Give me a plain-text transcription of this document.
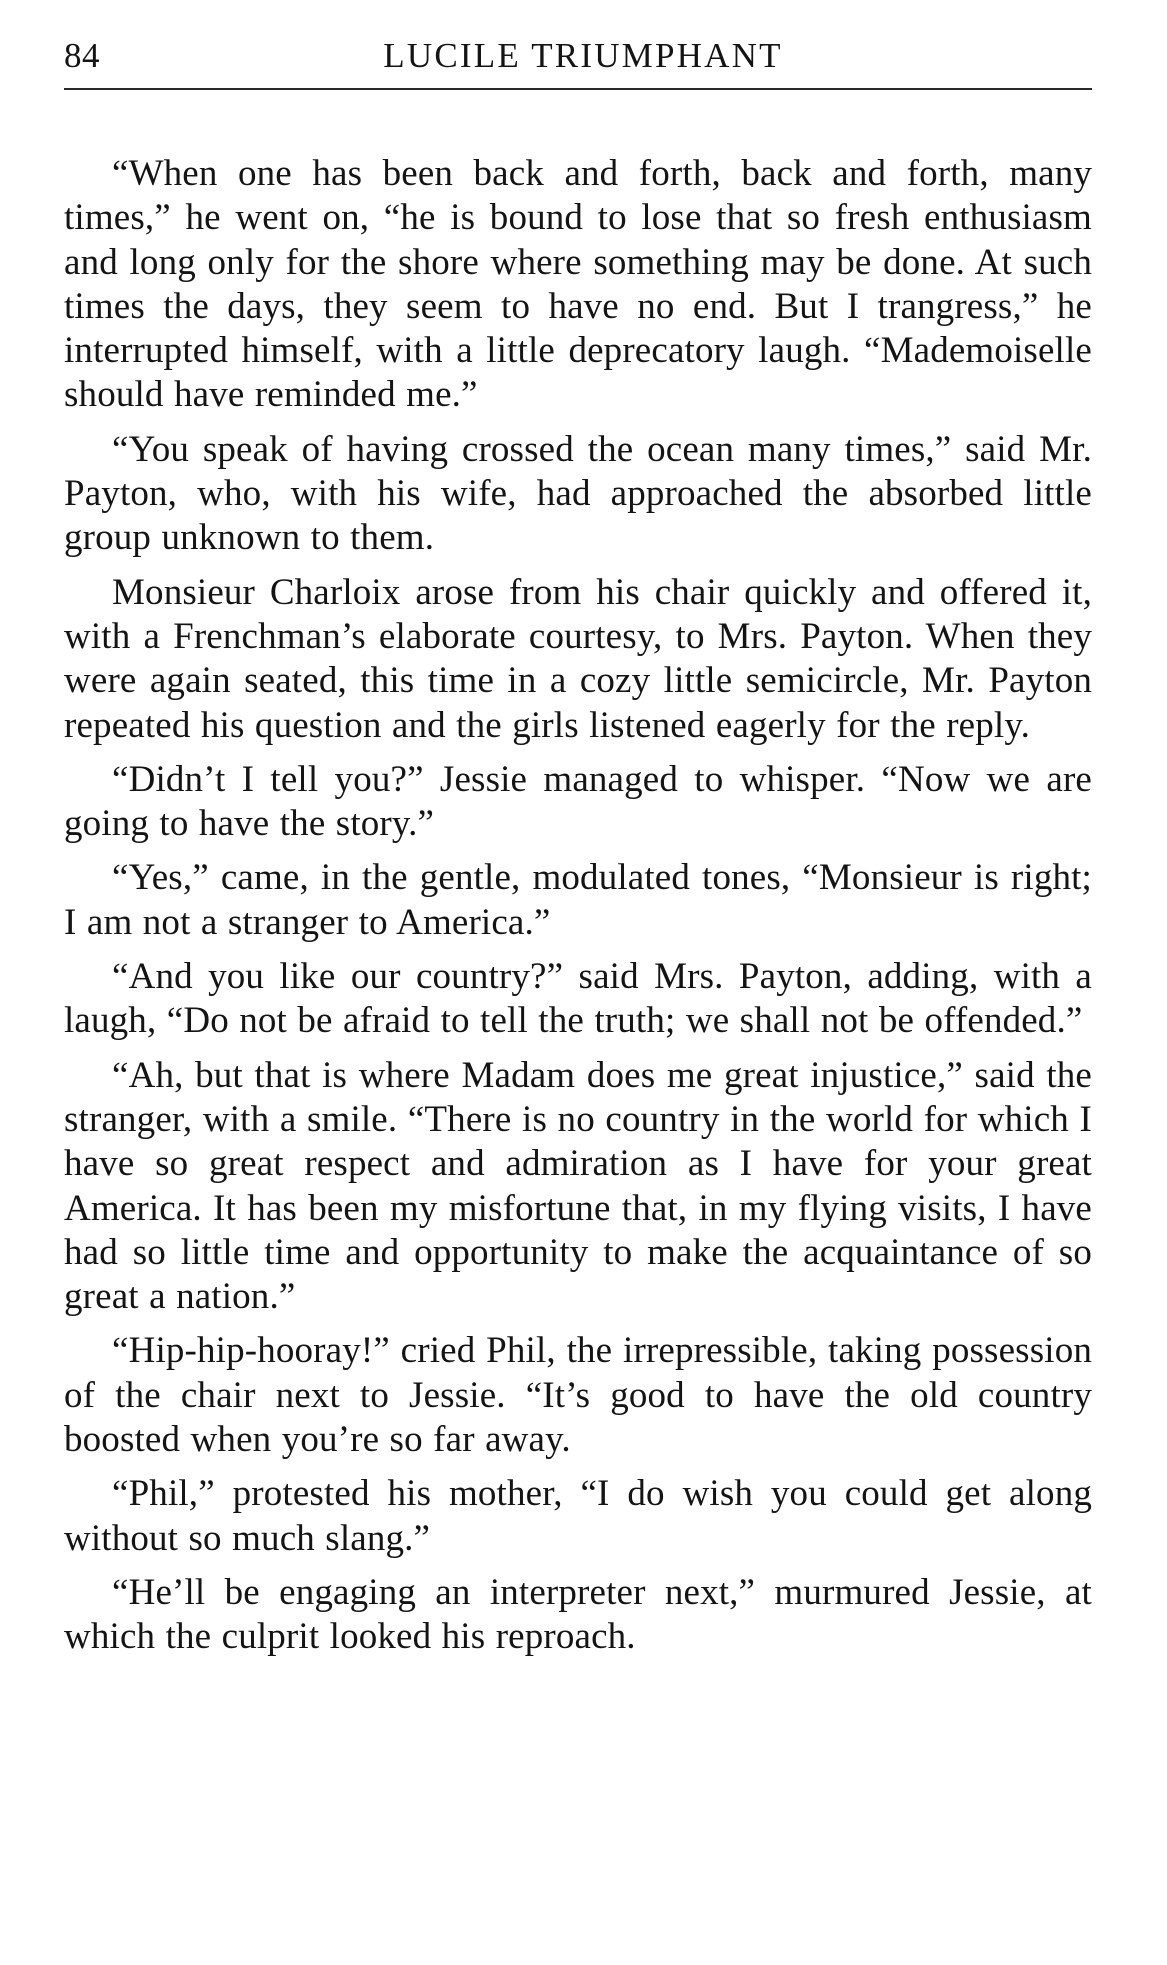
84	LUCILE TRIUMPHANT

“When one has been back and forth, back and forth, many times,” he went on, “he is bound to lose that so fresh enthusiasm and long only for the shore where something may be done. At such times the days, they seem to have no end. But I trangress,” he interrupted himself, with a little deprecatory laugh. “Mademoiselle should have reminded me.”

“You speak of having crossed the ocean many times,” said Mr. Payton, who, with his wife, had approached the absorbed little group unknown to them.

Monsieur Charloix arose from his chair quickly and offered it, with a Frenchman’s elaborate courtesy, to Mrs. Payton. When they were again seated, this time in a cozy little semicircle, Mr. Payton repeated his question and the girls listened eagerly for the reply.

“Didn’t I tell you?” Jessie managed to whisper. “Now we are going to have the story.”

“Yes,” came, in the gentle, modulated tones, “Monsieur is right; I am not a stranger to America.”

“And you like our country?” said Mrs. Payton, adding, with a laugh, “Do not be afraid to tell the truth; we shall not be offended.”

“Ah, but that is where Madam does me great injustice,” said the stranger, with a smile. “There is no country in the world for which I have so great respect and admiration as I have for your great America. It has been my misfortune that, in my flying visits, I have had so little time and opportunity to make the acquaintance of so great a nation.”

“Hip-hip-hooray!” cried Phil, the irrepressible, taking possession of the chair next to Jessie. “It’s good to have the old country boosted when you’re so far away.

“Phil,” protested his mother, “I do wish you could get along without so much slang.”

“He’ll be engaging an interpreter next,” murmured Jessie, at which the culprit looked his reproach.
